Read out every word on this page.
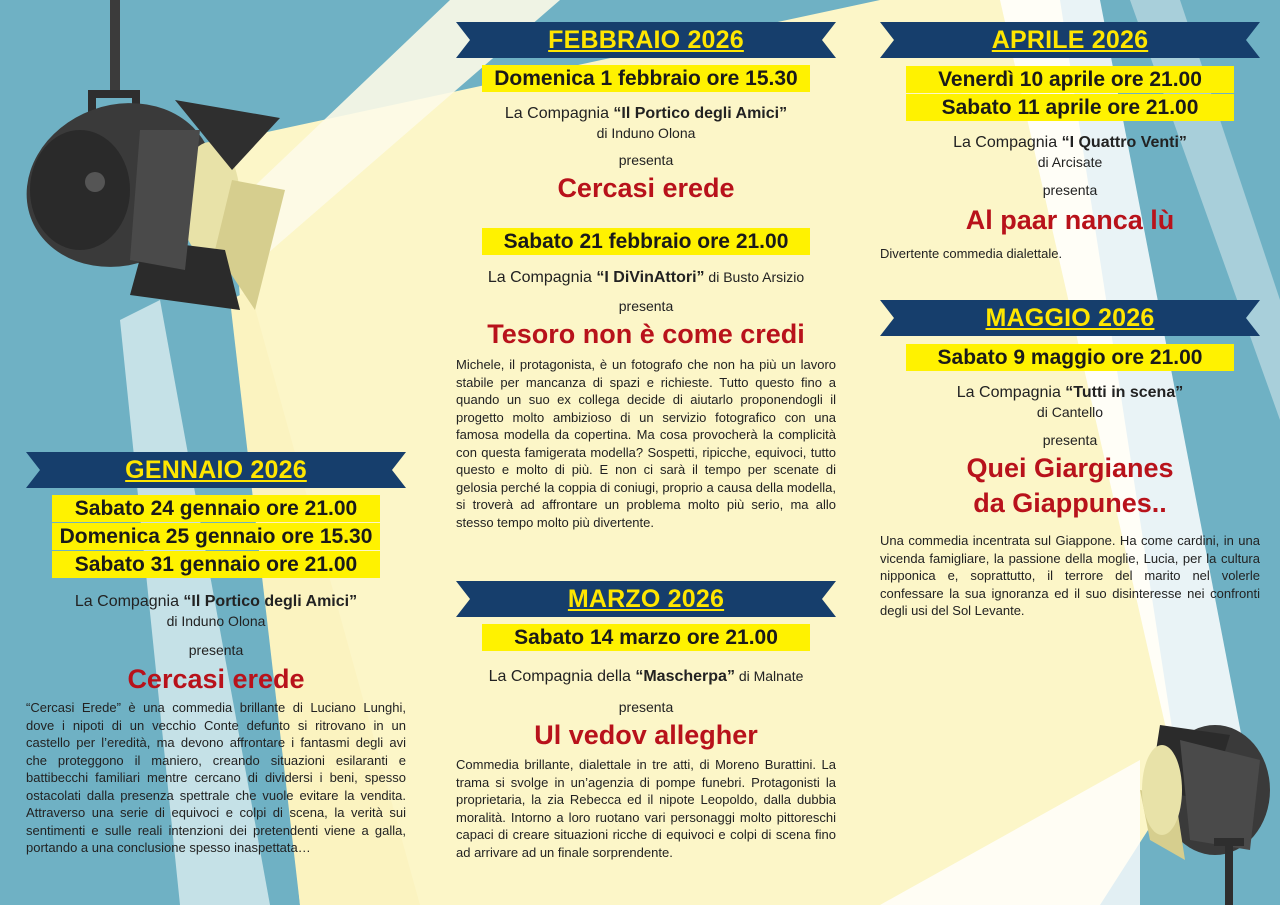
GENNAIO 2026
Sabato 24 gennaio ore 21.00
Domenica 25 gennaio ore 15.30
Sabato 31 gennaio ore 21.00
La Compagnia “Il Portico degli Amici”
di Induno Olona
presenta
Cercasi erede
“Cercasi Erede” è una commedia brillante di Luciano Lunghi, dove i nipoti di un vecchio Conte defunto si ritrovano in un castello per l’eredità, ma devono affrontare i fantasmi degli avi che proteggono il maniero, creando situazioni esilaranti e battibecchi familiari mentre cercano di dividersi i beni, spesso ostacolati dalla presenza spettrale che vuole evitare la vendita. Attraverso una serie di equivoci e colpi di scena, la verità sui sentimenti e sulle reali intenzioni dei pretendenti viene a galla, portando a una conclusione spesso inaspettata…
FEBBRAIO 2026
Domenica 1 febbraio ore 15.30
La Compagnia “Il Portico degli Amici”
di Induno Olona
presenta
Cercasi erede
Sabato 21 febbraio ore 21.00
La Compagnia “I DiVinAttori” di Busto Arsizio
presenta
Tesoro non è come credi
Michele, il protagonista, è un fotografo che non ha più un lavoro stabile per mancanza di spazi e richieste. Tutto questo fino a quando un suo ex collega decide di aiutarlo proponendogli il progetto molto ambizioso di un servizio fotografico con una famosa modella da copertina. Ma cosa provocherà la complicità con questa famigerata modella? Sospetti, ripicche, equivoci, tutto questo e molto di più. E non ci sarà il tempo per scenate di gelosia perché la coppia di coniugi, proprio a causa della modella, si troverà ad affrontare un problema molto più serio, ma allo stesso tempo molto più divertente.
MARZO 2026
Sabato 14 marzo ore 21.00
La Compagnia della “Mascherpa” di Malnate
presenta
Ul vedov allegher
Commedia brillante, dialettale in tre atti, di Moreno Burattini. La trama si svolge in un’agenzia di pompe funebri. Protagonisti la proprietaria, la zia Rebecca ed il nipote Leopoldo, dalla dubbia moralità. Intorno a loro ruotano vari personaggi molto pittoreschi capaci di creare situazioni ricche di equivoci e colpi di scena fino ad arrivare ad un finale sorprendente.
APRILE 2026
Venerdì 10 aprile ore 21.00
Sabato 11 aprile ore 21.00
La Compagnia “I Quattro Venti”
di Arcisate
presenta
Al paar nanca lù
Divertente commedia dialettale.
MAGGIO 2026
Sabato 9 maggio ore 21.00
La Compagnia “Tutti in scena”
di Cantello
presenta
Quei Giargianes
da Giappunes..
Una commedia incentrata sul Giappone. Ha come cardini, in una vicenda famigliare, la passione della moglie, Lucia, per la cultura nipponica e, soprattutto, il terrore del marito nel volerle confessare la sua ignoranza ed il suo disinteresse nei confronti degli usi del Sol Levante.
